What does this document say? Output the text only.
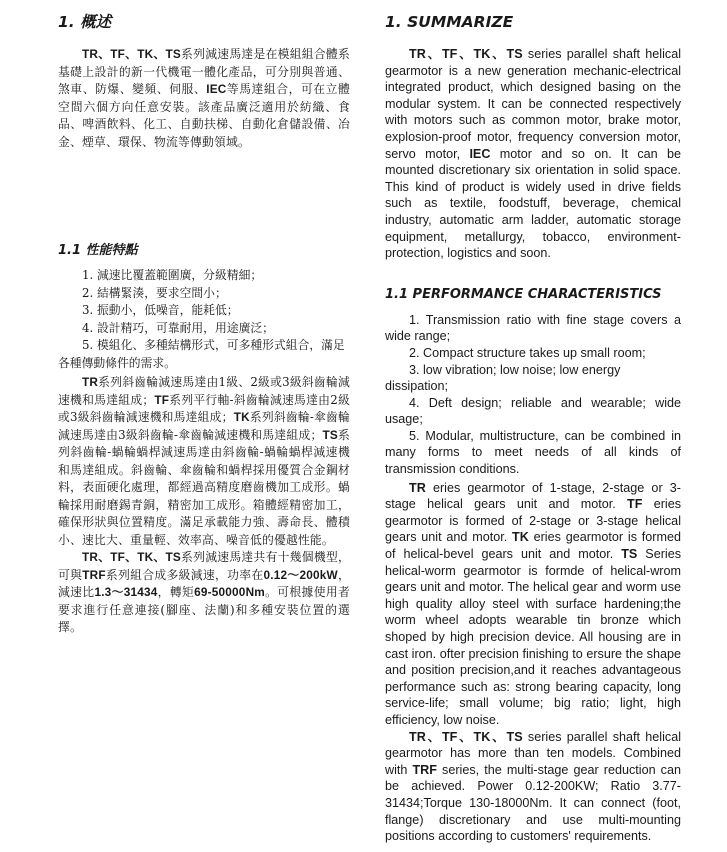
1. 概述

TR、TF、TK、TS系列減速馬達是在模組組合體系基礎上設計的新一代機電一體化產品，可分別與普通、煞車、防爆、變頻、伺服、IEC等馬達組合，可在立體空間六個方向任意安裝。該產品廣泛適用於紡織、食品、啤酒飲料、化工、自動扶梯、自動化倉儲設備、冶金、煙草、環保、物流等傳動領域。

1.1 性能特點
1. 減速比覆蓋範圍廣，分級精細；
2. 結構緊湊，要求空間小；
3. 振動小，低噪音，能耗低；
4. 設計精巧，可靠耐用，用途廣泛；
5. 模組化、多種結構形式，可多種形式組合，滿足各種傳動條件的需求。

TR系列斜齒輪減速馬達由1級、2級或3級斜齒輪減速機和馬達組成；TF系列平行軸-斜齒輪減速馬達由2級或3級斜齒輪減速機和馬達組成；TK系列斜齒輪-傘齒輪減速馬達由3級斜齒輪-傘齒輪減速機和馬達組成；TS系列斜齒輪-蝸輪蝸桿減速馬達由斜齒輪-蝸輪蝸桿減速機和馬達組成。斜齒輪、傘齒輪和蝸桿採用優質合金鋼材料，表面硬化處理，都經過高精度磨齒機加工成形。蝸輪採用耐磨錫青銅，精密加工成形。箱體經精密加工，確保形狀與位置精度。滿足承載能力強、壽命長、體積小、速比大、重量輕、效率高、噪音低的優越性能。

TR、TF、TK、TS系列減速馬達共有十幾個機型，可與TRF系列組合成多級減速，功率在0.12～200kW，減速比1.3～31434，轉矩69-50000Nm。可根據使用者要求進行任意連接(腳座、法蘭)和多種安裝位置的選擇。

1. SUMMARIZE

TR、TF、TK、TS series parallel shaft helical gearmotor is a new generation mechanic-electrical integrated product, which designed basing on the modular system. It can be connected respectively with motors such as common motor, brake motor, explosion-proof motor, frequency conversion motor, servo motor, IEC motor and so on. It can be mounted discretionary six orientation in solid space. This kind of product is widely used in drive fields such as textile, foodstuff, beverage, chemical industry, automatic arm ladder, automatic storage equipment, metallurgy, tobacco, environment-protection, logistics and soon.

1.1 PERFORMANCE CHARACTERISTICS
1. Transmission ratio with fine stage covers a wide range;
2. Compact structure takes up small room;
3. low vibration; low noise; low energy dissipation;
4. Deft design; reliable and wearable; wide usage;
5. Modular, multistructure, can be combined in many forms to meet needs of all kinds of transmission conditions.

TR eries gearmotor of 1-stage, 2-stage or 3-stage helical gears unit and motor. TF eries gearmotor is formed of 2-stage or 3-stage helical gears unit and motor. TK eries gearmotor is formed of helical-bevel gears unit and motor. TS Series helical-worm gearmotor is formde of helical-wrom gears unit and motor. The helical gear and worm use high quality alloy steel with surface hardening;the worm wheel adopts wearable tin bronze which shoped by high precision device. All housing are in cast iron. ofter precision finishing to ersure the shape and position precision,and it reaches advantageous performance such as: strong bearing capacity, long service-life; small volume; big ratio; light, high efficiency, low noise.

TR、TF、TK、TS series parallel shaft helical gearmotor has more than ten models. Combined with TRF series, the multi-stage gear reduction can be achieved. Power 0.12-200KW; Ratio 3.77-31434;Torque 130-18000Nm. It can connect (foot, flange) discretionary and use multi-mounting positions according to customers' requirements.
